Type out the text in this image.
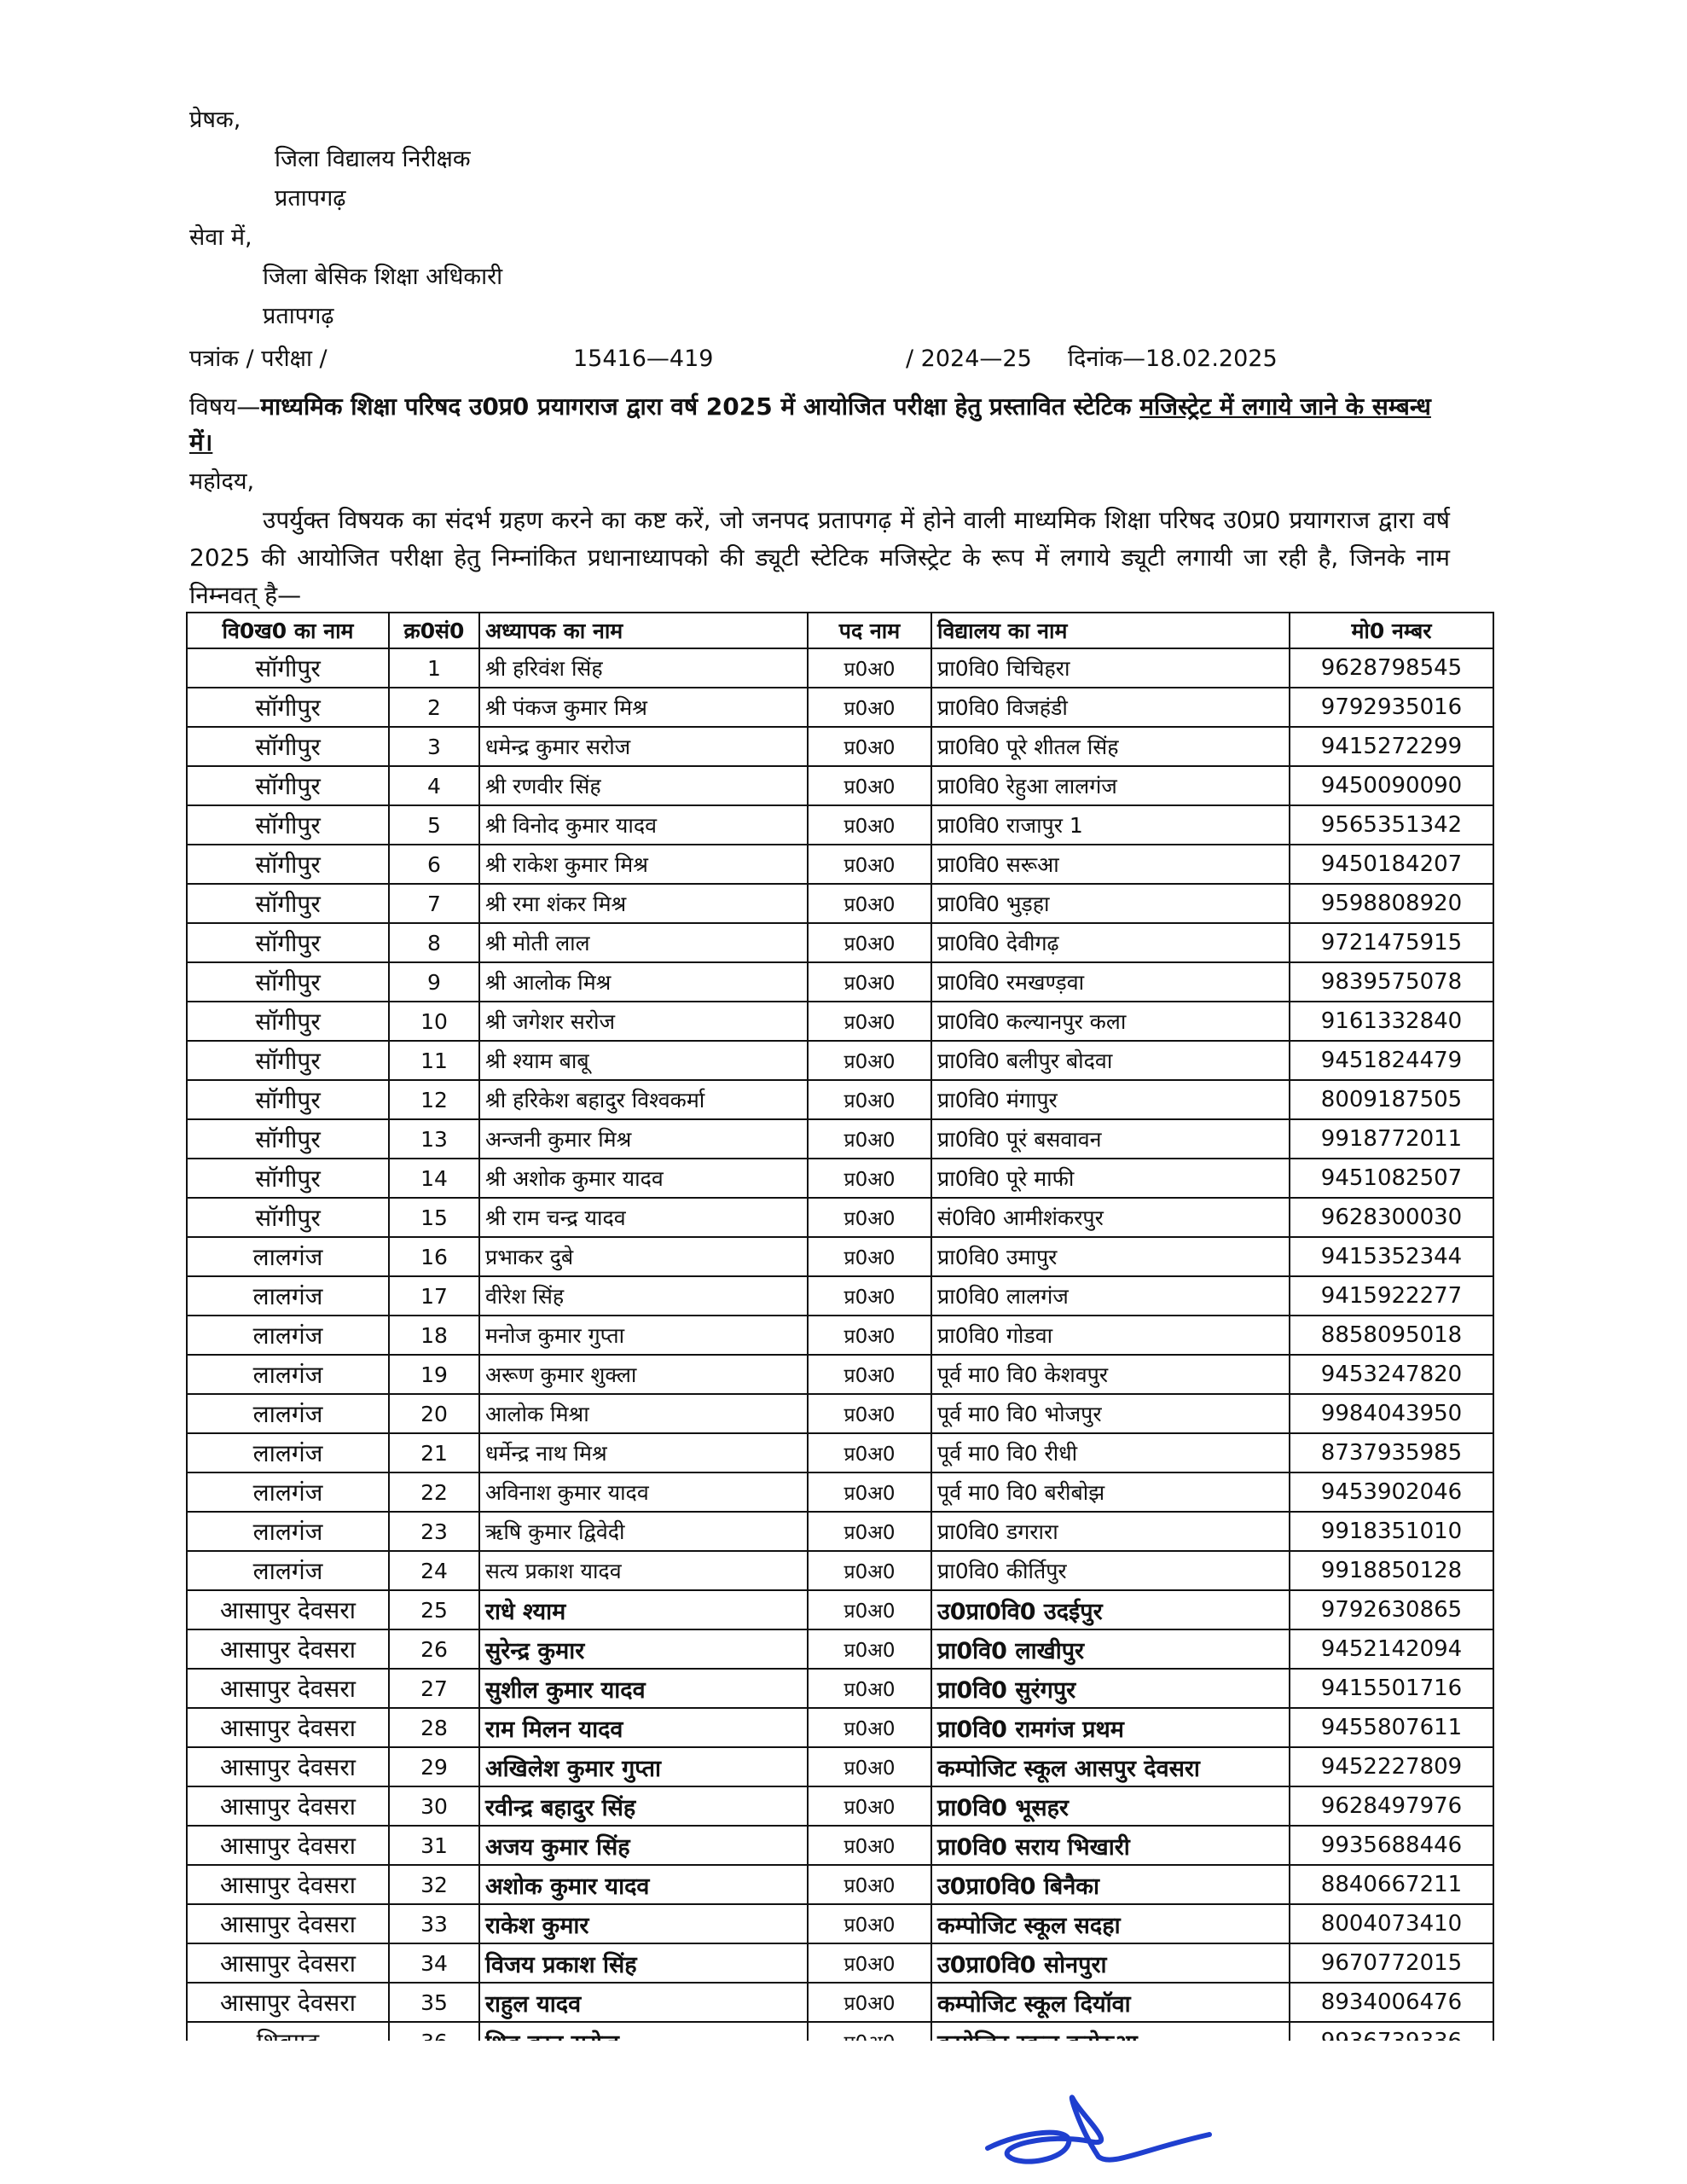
प्रेषक,
जिला विद्यालय निरीक्षक
प्रतापगढ़
सेवा में,
जिला बेसिक शिक्षा अधिकारी
प्रतापगढ़
पत्रांक / परीक्षा /	15416—419	/ 2024—25 दिनांक—18.02.2025
विषय—माध्यमिक शिक्षा परिषद उ0प्र0 प्रयागराज द्वारा वर्ष 2025 में आयोजित परीक्षा हेतु प्रस्तावित स्टेटिक मजिस्ट्रेट में लगाये जाने के सम्बन्ध में।
महोदय,
उपर्युक्त विषयक का संदर्भ ग्रहण करने का कष्ट करें, जो जनपद प्रतापगढ़ में होने वाली माध्यमिक शिक्षा परिषद उ0प्र0 प्रयागराज द्वारा वर्ष 2025 की आयोजित परीक्षा हेतु निम्नांकित प्रधानाध्यापको की ड्यूटी स्टेटिक मजिस्ट्रेट के रूप में लगाये ड्यूटी लगायी जा रही है, जिनके नाम निम्नवत् है—
वि0ख0 का नाम	क्र0सं0	अध्यापक का नाम	पद नाम	विद्यालय का नाम	मो0 नम्बर
सॉगीपुर	1	श्री हरिवंश सिंह	प्र0अ0	प्रा0वि0 चिचिहरा	9628798545
सॉगीपुर	2	श्री पंकज कुमार मिश्र	प्र0अ0	प्रा0वि0 विजहंडी	9792935016
सॉगीपुर	3	धमेन्द्र कुमार सरोज	प्र0अ0	प्रा0वि0 पूरे शीतल सिंह	9415272299
सॉगीपुर	4	श्री रणवीर सिंह	प्र0अ0	प्रा0वि0 रेहुआ लालगंज	9450090090
सॉगीपुर	5	श्री विनोद कुमार यादव	प्र0अ0	प्रा0वि0 राजापुर 1	9565351342
सॉगीपुर	6	श्री राकेश कुमार मिश्र	प्र0अ0	प्रा0वि0 सरूआ	9450184207
सॉगीपुर	7	श्री रमा शंकर मिश्र	प्र0अ0	प्रा0वि0 भुड़हा	9598808920
सॉगीपुर	8	श्री मोती लाल	प्र0अ0	प्रा0वि0 देवीगढ़	9721475915
सॉगीपुर	9	श्री आलोक मिश्र	प्र0अ0	प्रा0वि0 रमखण्ड़वा	9839575078
सॉगीपुर	10	श्री जगेशर सरोज	प्र0अ0	प्रा0वि0 कल्यानपुर कला	9161332840
सॉगीपुर	11	श्री श्याम बाबू	प्र0अ0	प्रा0वि0 बलीपुर बोदवा	9451824479
सॉगीपुर	12	श्री हरिकेश बहादुर विश्वकर्मा	प्र0अ0	प्रा0वि0 मंगापुर	8009187505
सॉगीपुर	13	अन्जनी कुमार मिश्र	प्र0अ0	प्रा0वि0 पूरं बसवावन	9918772011
सॉगीपुर	14	श्री अशोक कुमार यादव	प्र0अ0	प्रा0वि0 पूरे माफी	9451082507
सॉगीपुर	15	श्री राम चन्द्र यादव	प्र0अ0	सं0वि0 आमीशंकरपुर	9628300030
लालगंज	16	प्रभाकर दुबे	प्र0अ0	प्रा0वि0 उमापुर	9415352344
लालगंज	17	वीरेश सिंह	प्र0अ0	प्रा0वि0 लालगंज	9415922277
लालगंज	18	मनोज कुमार गुप्ता	प्र0अ0	प्रा0वि0 गोडवा	8858095018
लालगंज	19	अरूण कुमार शुक्ला	प्र0अ0	पूर्व मा0 वि0 केशवपुर	9453247820
लालगंज	20	आलोक मिश्रा	प्र0अ0	पूर्व मा0 वि0 भोजपुर	9984043950
लालगंज	21	धर्मेन्द्र नाथ मिश्र	प्र0अ0	पूर्व मा0 वि0 रीधी	8737935985
लालगंज	22	अविनाश कुमार यादव	प्र0अ0	पूर्व मा0 वि0 बरीबोझ	9453902046
लालगंज	23	ऋषि कुमार द्विवेदी	प्र0अ0	प्रा0वि0 डगरारा	9918351010
लालगंज	24	सत्य प्रकाश यादव	प्र0अ0	प्रा0वि0 कीर्तिपुर	9918850128
आसापुर देवसरा	25	राधे श्याम	प्र0अ0	उ0प्रा0वि0 उदईपुर	9792630865
आसापुर देवसरा	26	सुरेन्द्र कुमार	प्र0अ0	प्रा0वि0 लाखीपुर	9452142094
आसापुर देवसरा	27	सुशील कुमार यादव	प्र0अ0	प्रा0वि0 सुरंगपुर	9415501716
आसापुर देवसरा	28	राम मिलन यादव	प्र0अ0	प्रा0वि0 रामगंज प्रथम	9455807611
आसापुर देवसरा	29	अखिलेश कुमार गुप्ता	प्र0अ0	कम्पोजिट स्कूल आसपुर देवसरा	9452227809
आसापुर देवसरा	30	रवीन्द्र बहादुर सिंह	प्र0अ0	प्रा0वि0 भूसहर	9628497976
आसापुर देवसरा	31	अजय कुमार सिंह	प्र0अ0	प्रा0वि0 सराय भिखारी	9935688446
आसापुर देवसरा	32	अशोक कुमार यादव	प्र0अ0	उ0प्रा0वि0 बिनैका	8840667211
आसापुर देवसरा	33	राकेश कुमार	प्र0अ0	कम्पोजिट स्कूल सदहा	8004073410
आसापुर देवसरा	34	विजय प्रकाश सिंह	प्र0अ0	उ0प्रा0वि0 सोनपुरा	9670772015
आसापुर देवसरा	35	राहुल यादव	प्र0अ0	कम्पोजिट स्कूल दियॉवा	8934006476
